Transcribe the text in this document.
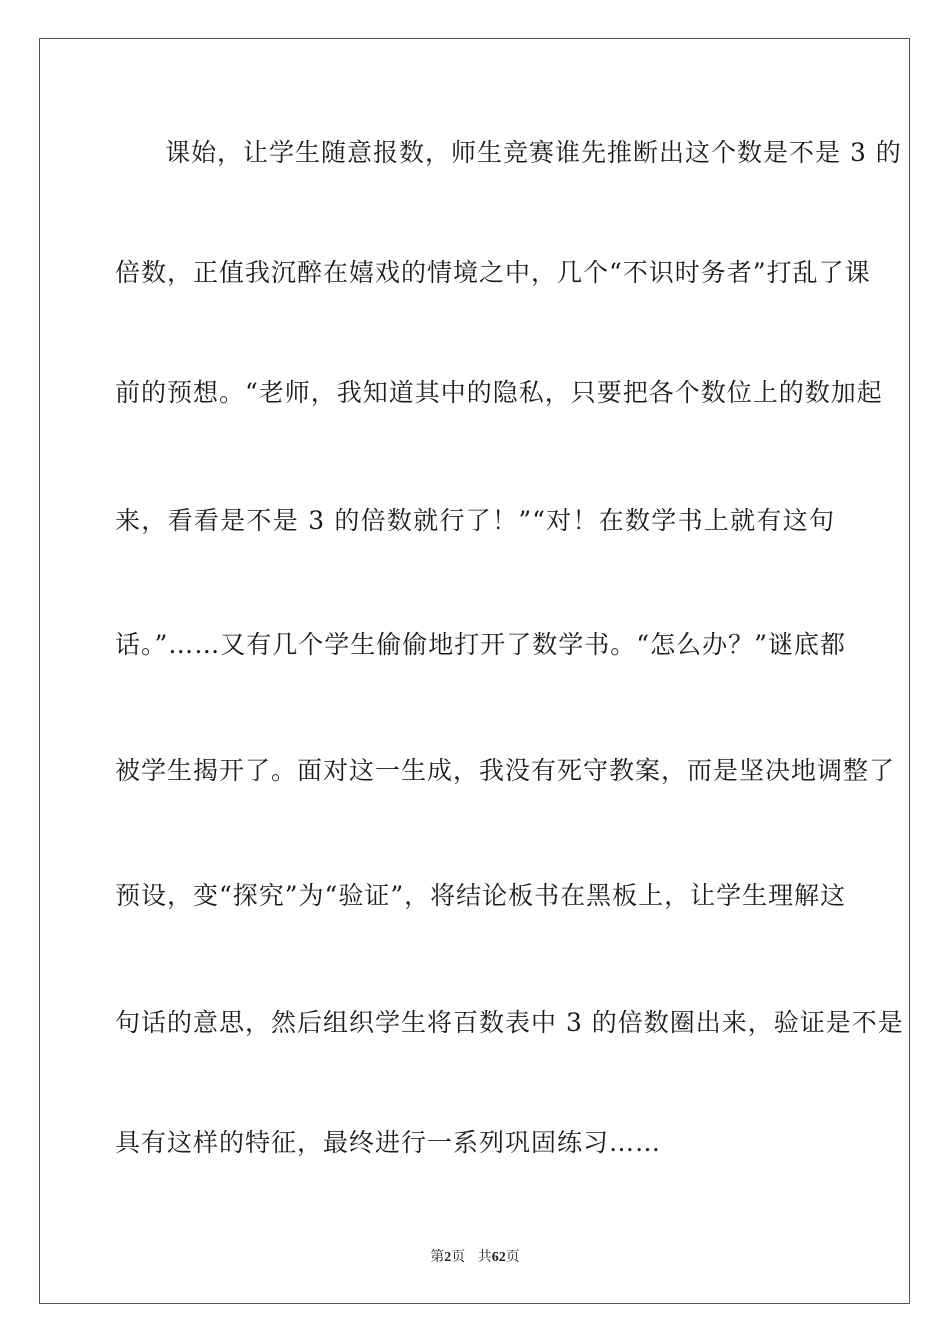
课始，让学生随意报数，师生竞赛谁先推断出这个数是不是 3 的
倍数，正值我沉醉在嬉戏的情境之中，几个“不识时务者”打乱了课
前的预想。“老师，我知道其中的隐私，只要把各个数位上的数加起
来，看看是不是 3 的倍数就行了！”“对！在数学书上就有这句
话。”……又有几个学生偷偷地打开了数学书。“怎么办？”谜底都
被学生揭开了。面对这一生成，我没有死守教案，而是坚决地调整了
预设，变“探究”为“验证”，将结论板书在黑板上，让学生理解这
句话的意思，然后组织学生将百数表中 3 的倍数圈出来，验证是不是
具有这样的特征，最终进行一系列巩固练习……
第2页 共62页
